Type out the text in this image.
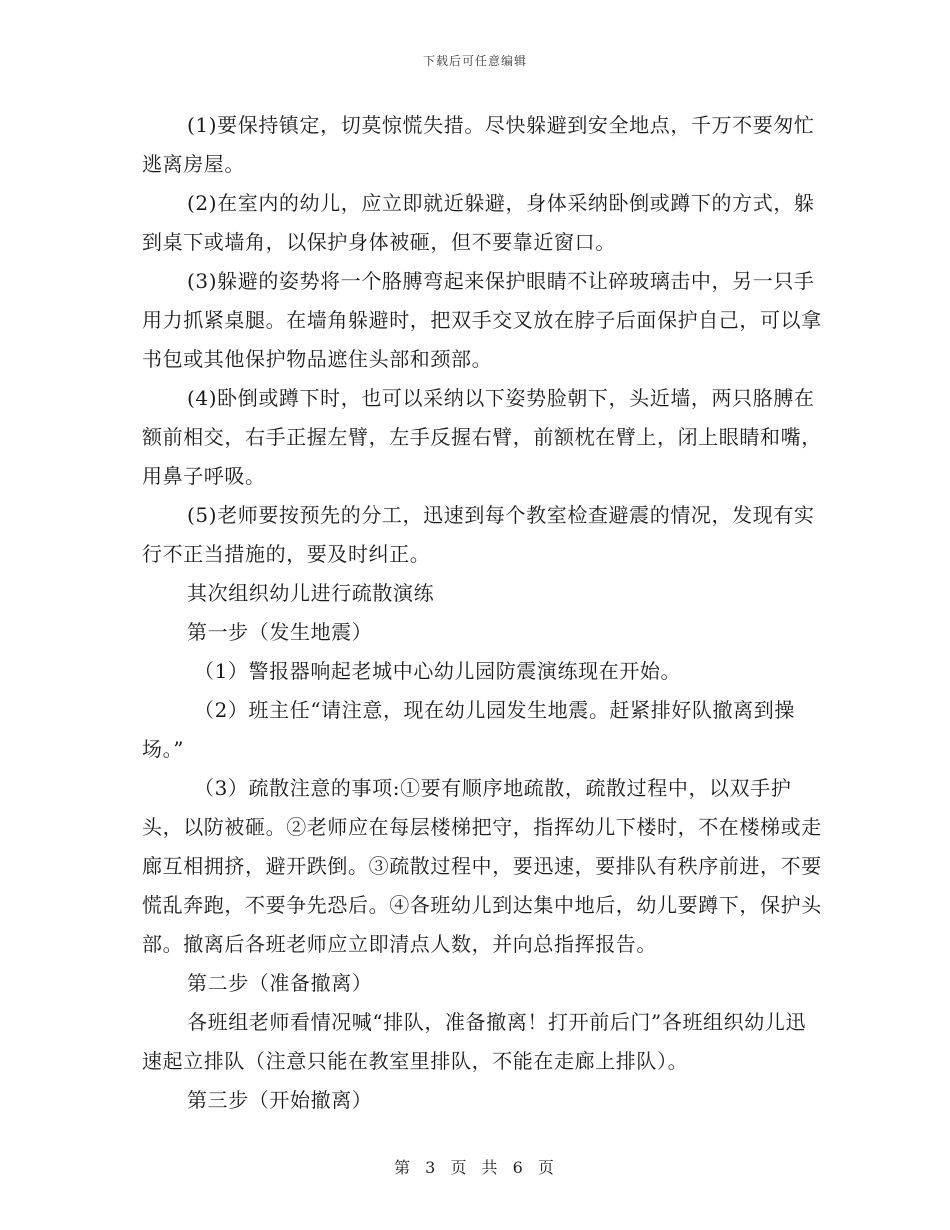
下载后可任意编辑

(1)要保持镇定，切莫惊慌失措。尽快躲避到安全地点，千万不要匆忙逃离房屋。

(2)在室内的幼儿，应立即就近躲避，身体采纳卧倒或蹲下的方式，躲到桌下或墙角，以保护身体被砸，但不要靠近窗口。

(3)躲避的姿势将一个胳膊弯起来保护眼睛不让碎玻璃击中，另一只手用力抓紧桌腿。在墙角躲避时，把双手交叉放在脖子后面保护自己，可以拿书包或其他保护物品遮住头部和颈部。

(4)卧倒或蹲下时，也可以采纳以下姿势脸朝下，头近墙，两只胳膊在额前相交，右手正握左臂，左手反握右臂，前额枕在臂上，闭上眼睛和嘴，用鼻子呼吸。

(5)老师要按预先的分工，迅速到每个教室检查避震的情况，发现有实行不正当措施的，要及时纠正。

其次组织幼儿进行疏散演练

第一步（发生地震）

（1）警报器响起老城中心幼儿园防震演练现在开始。

（2）班主任“请注意，现在幼儿园发生地震。赶紧排好队撤离到操场。”

（3）疏散注意的事项:①要有顺序地疏散，疏散过程中，以双手护头，以防被砸。②老师应在每层楼梯把守，指挥幼儿下楼时，不在楼梯或走廊互相拥挤，避开跌倒。③疏散过程中，要迅速，要排队有秩序前进，不要慌乱奔跑，不要争先恐后。④各班幼儿到达集中地后，幼儿要蹲下，保护头部。撤离后各班老师应立即清点人数，并向总指挥报告。

第二步（准备撤离）

各班组老师看情况喊“排队，准备撤离！打开前后门”各班组织幼儿迅速起立排队（注意只能在教室里排队，不能在走廊上排队）。

第三步（开始撤离）

第 3 页 共 6 页
